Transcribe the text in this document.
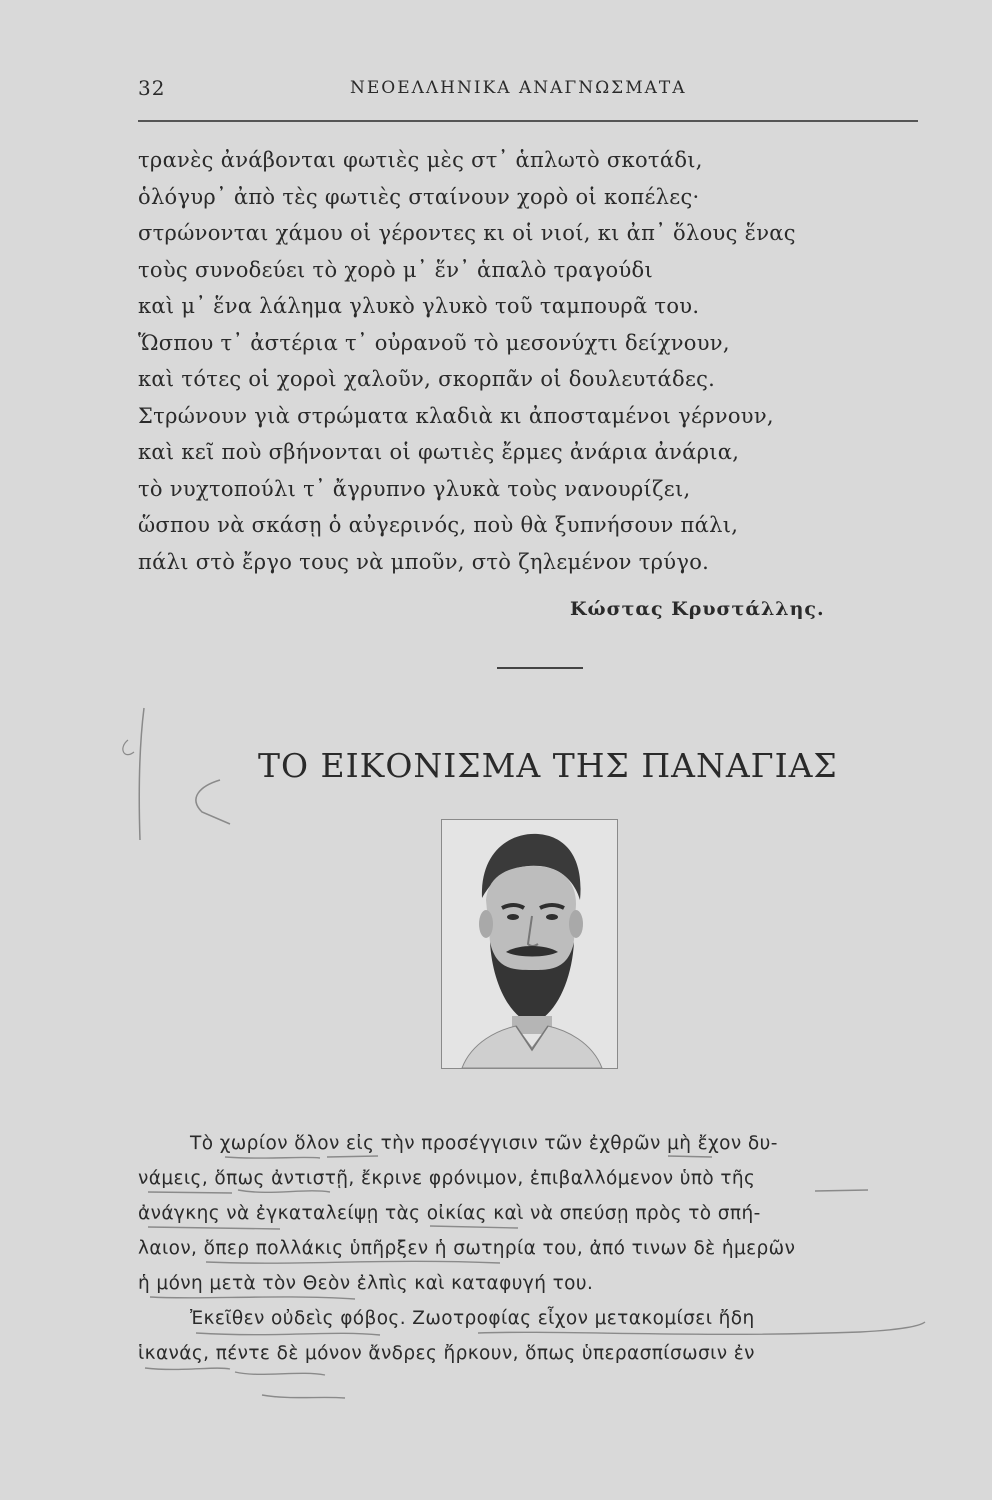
32	ΝΕΟΕΛΛΗΝΙΚΑ ΑΝΑΓΝΩΣΜΑΤΑ
τρανὲς ἀνάβονται φωτιὲς μὲς στ᾿ ἁπλωτὸ σκοτάδι,
ὁλόγυρ᾿ ἀπὸ τὲς φωτιὲς σταίνουν χορὸ οἱ κοπέλες·
στρώνονται χάμου οἱ γέροντες κι οἱ νιοί, κι ἀπ᾿ ὅλους ἕνας
τοὺς συνοδεύει τὸ χορὸ μ᾿ ἕν᾿ ἁπαλὸ τραγούδι
καὶ μ᾿ ἕνα λάλημα γλυκὸ γλυκὸ τοῦ ταμπουρᾶ του.
Ὥσπου τ᾿ ἀστέρια τ᾿ οὐρανοῦ τὸ μεσονύχτι δείχνουν,
καὶ τότες οἱ χοροὶ χαλοῦν, σκορπᾶν οἱ δουλευτάδες.
Στρώνουν γιὰ στρώματα κλαδιὰ κι ἀποσταμένοι γέρνουν,
καὶ κεῖ ποὺ σβήνονται οἱ φωτιὲς ἔρμες ἀνάρια ἀνάρια,
τὸ νυχτοπούλι τ᾿ ἄγρυπνο γλυκὰ τοὺς νανουρίζει,
ὥσπου νὰ σκάσῃ ὁ αὐγερινός, ποὺ θὰ ξυπνήσουν πάλι,
πάλι στὸ ἔργο τους νὰ μποῦν, στὸ ζηλεμένον τρύγο.
Κώστας Κρυστάλλης.
ΤΟ ΕΙΚΟΝΙΣΜΑ ΤΗΣ ΠΑΝΑΓΙΑΣ
Τὸ χωρίον ὅλον εἰς τὴν προσέγγισιν τῶν ἐχθρῶν μὴ ἔχον δυ-
νάμεις, ὅπως ἀντιστῇ, ἔκρινε φρόνιμον, ἐπιβαλλόμενον ὑπὸ τῆς
ἀνάγκης νὰ ἐγκαταλείψῃ τὰς οἰκίας καὶ νὰ σπεύσῃ πρὸς τὸ σπή-
λαιον, ὅπερ πολλάκις ὑπῆρξεν ἡ σωτηρία του, ἀπό τινων δὲ ἡμερῶν
ἡ μόνη μετὰ τὸν Θεὸν ἐλπὶς καὶ καταφυγή του.
Ἐκεῖθεν οὐδεὶς φόβος. Ζωοτροφίας εἶχον μετακομίσει ἤδη
ἱκανάς, πέντε δὲ μόνον ἄνδρες ἤρκουν, ὅπως ὑπερασπίσωσιν ἐν
